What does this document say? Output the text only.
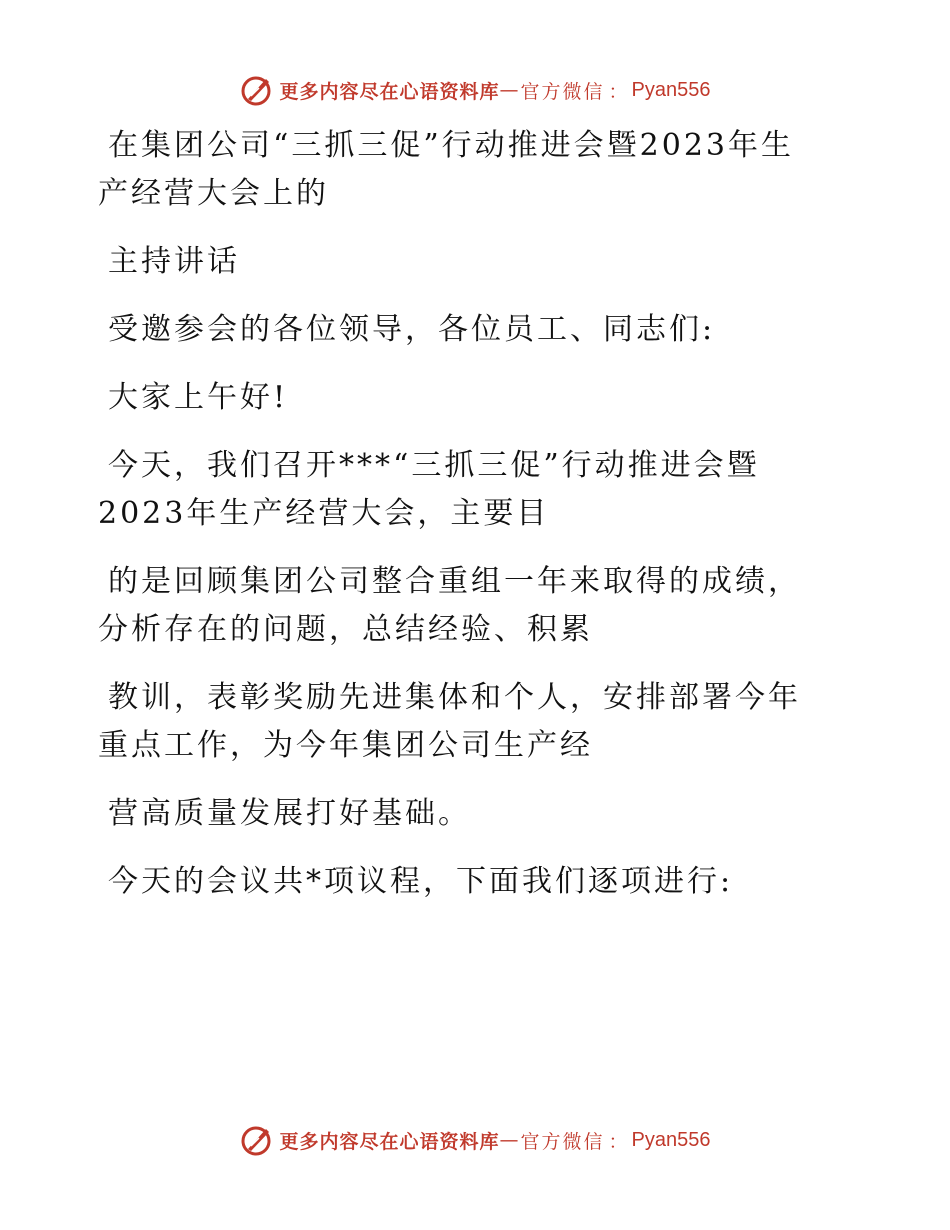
更多内容尽在心语资料库 — 官方微信 ： Pyan556
在集团公司“三抓三促”行动推进会暨2023年生
产经营大会上的
主持讲话
受邀参会的各位领导，各位员工、同志们:
大家上午好!
今天，我们召开***“三抓三促”行动推进会暨
2023年生产经营大会，主要目
的是回顾集团公司整合重组一年来取得的成绩，
分析存在的问题，总结经验、积累
教训，表彰奖励先进集体和个人，安排部署今年
重点工作，为今年集团公司生产经
营高质量发展打好基础。
今天的会议共*项议程，下面我们逐项进行:
更多内容尽在心语资料库 — 官方微信 ： Pyan556
